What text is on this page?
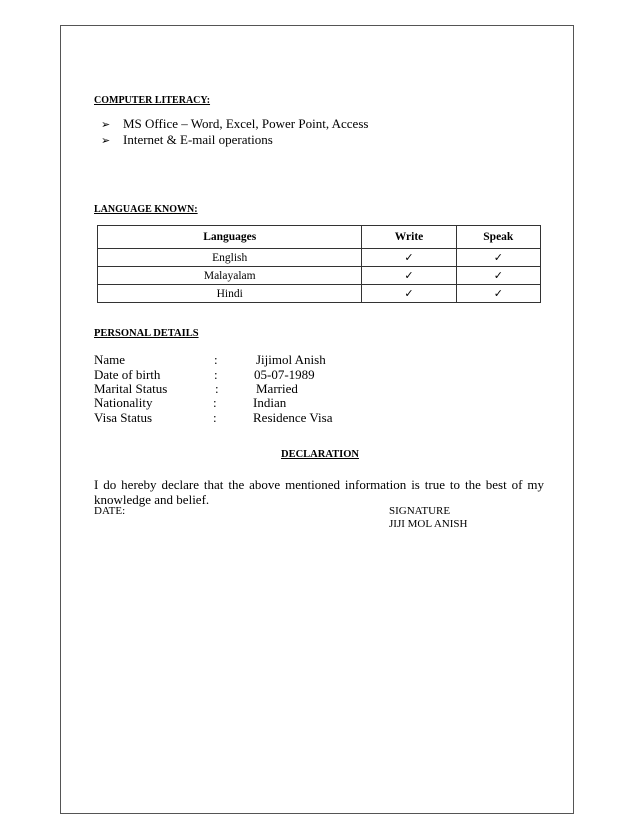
COMPUTER LITERACY:
➢ MS Office – Word, Excel, Power Point, Access
➢ Internet & E-mail operations
LANGUAGE KNOWN:
Languages	Write	Speak
English	✓	✓
Malayalam	✓	✓
Hindi	✓	✓
PERSONAL DETAILS
Name	:	Jijimol Anish
Date of birth	:	05-07-1989
Marital Status	:	Married
Nationality	:	Indian
Visa Status	:	Residence Visa
DECLARATION
I do hereby declare that the above mentioned information is true to the best of my knowledge and belief.
DATE:	SIGNATURE
JIJI MOL ANISH
